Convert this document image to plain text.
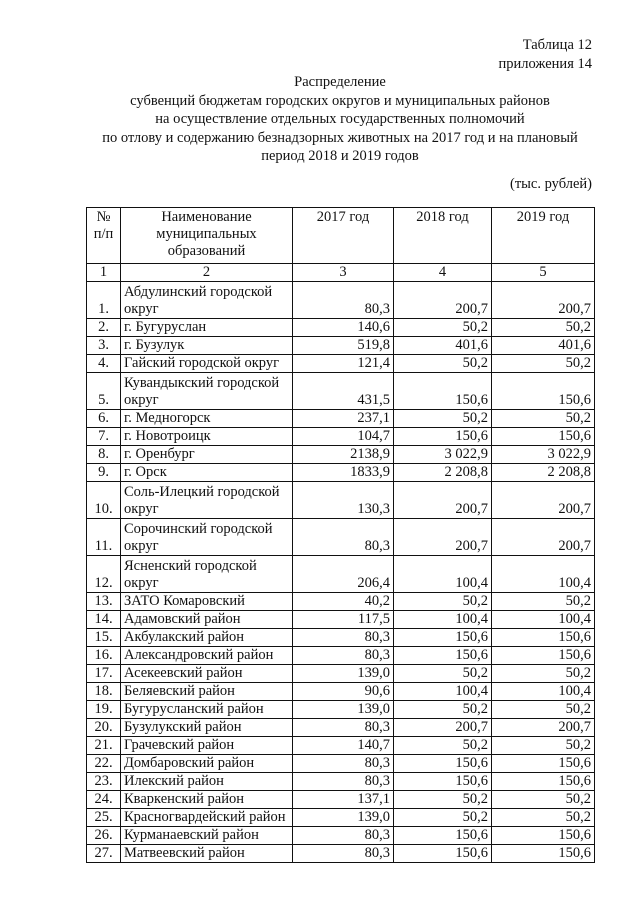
Таблица 12
приложения 14
Распределение
субвенций бюджетам городских округов и муниципальных районов
на осуществление отдельных государственных полномочий
по отлову и содержанию безнадзорных животных на 2017 год и на плановый
период 2018 и 2019 годов
(тыс. рублей)
№ п/п	Наименование муниципальных образований	2017 год	2018 год	2019 год
1	2	3	4	5
1.	Абдулинский городской округ	80,3	200,7	200,7
2.	г. Бугуруслан	140,6	50,2	50,2
3.	г. Бузулук	519,8	401,6	401,6
4.	Гайский городской округ	121,4	50,2	50,2
5.	Кувандыкский городской округ	431,5	150,6	150,6
6.	г. Медногорск	237,1	50,2	50,2
7.	г. Новотроицк	104,7	150,6	150,6
8.	г. Оренбург	2138,9	3 022,9	3 022,9
9.	г. Орск	1833,9	2 208,8	2 208,8
10.	Соль-Илецкий городской округ	130,3	200,7	200,7
11.	Сорочинский городской округ	80,3	200,7	200,7
12.	Ясненский городской округ	206,4	100,4	100,4
13.	ЗАТО Комаровский	40,2	50,2	50,2
14.	Адамовский район	117,5	100,4	100,4
15.	Акбулакский район	80,3	150,6	150,6
16.	Александровский район	80,3	150,6	150,6
17.	Асекеевский район	139,0	50,2	50,2
18.	Беляевский район	90,6	100,4	100,4
19.	Бугурусланский район	139,0	50,2	50,2
20.	Бузулукский район	80,3	200,7	200,7
21.	Грачевский район	140,7	50,2	50,2
22.	Домбаровский район	80,3	150,6	150,6
23.	Илекский район	80,3	150,6	150,6
24.	Кваркенский район	137,1	50,2	50,2
25.	Красногвардейский район	139,0	50,2	50,2
26.	Курманаевский район	80,3	150,6	150,6
27.	Матвеевский район	80,3	150,6	150,6
